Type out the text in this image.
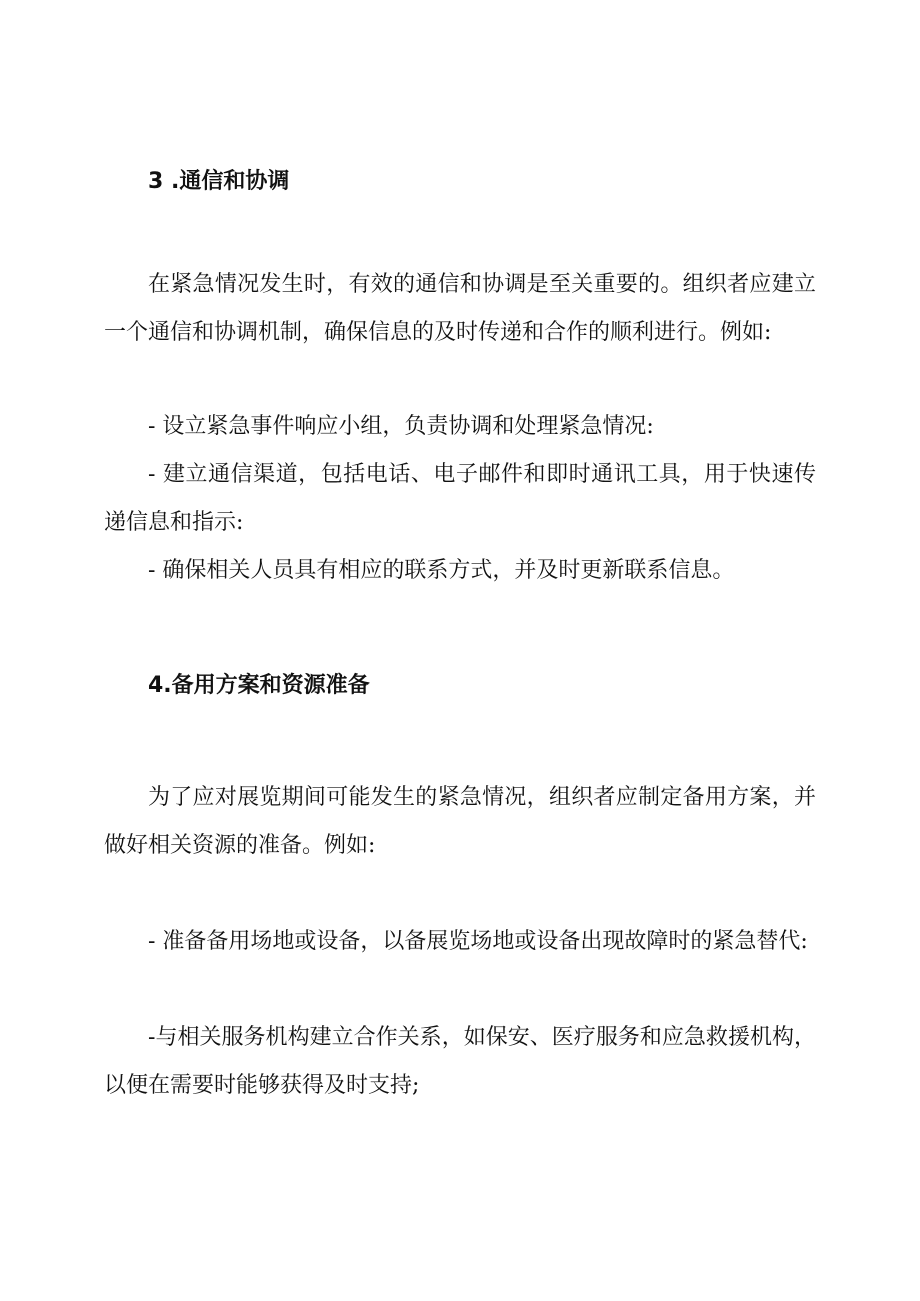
3 .通信和协调

在紧急情况发生时，有效的通信和协调是至关重要的。组织者应建立一个通信和协调机制，确保信息的及时传递和合作的顺利进行。例如:

- 设立紧急事件响应小组，负责协调和处理紧急情况:

- 建立通信渠道，包括电话、电子邮件和即时通讯工具，用于快速传递信息和指示:

- 确保相关人员具有相应的联系方式，并及时更新联系信息。

4.备用方案和资源准备

为了应对展览期间可能发生的紧急情况，组织者应制定备用方案，并做好相关资源的准备。例如:

- 准备备用场地或设备，以备展览场地或设备出现故障时的紧急替代:

-与相关服务机构建立合作关系，如保安、医疗服务和应急救援机构，以便在需要时能够获得及时支持;
